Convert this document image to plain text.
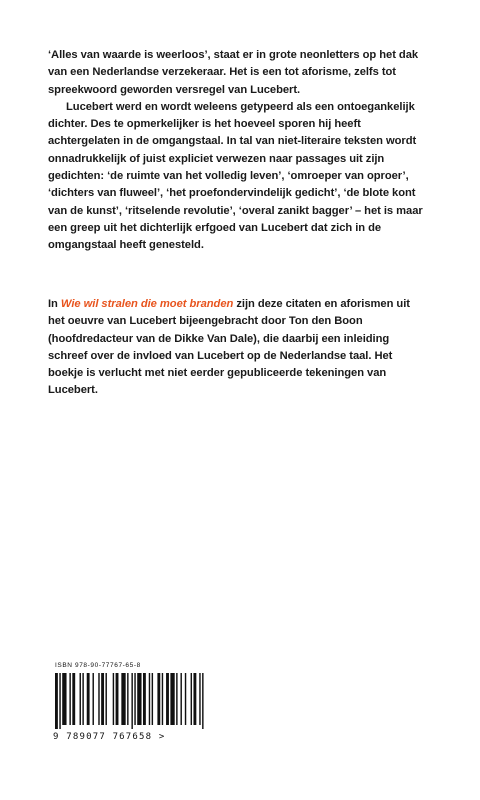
‘Alles van waarde is weerloos’, staat er in grote neonletters op het dak van een Nederlandse verzekeraar. Het is een tot aforisme, zelfs tot spreekwoord geworden versregel van Lucebert.

Lucebert werd en wordt weleens getypeerd als een ontoegankelijk dichter. Des te opmerkelijker is het hoeveel sporen hij heeft achtergelaten in de omgangstaal. In tal van niet-literaire teksten wordt onnadrukkelijk of juist expliciet verwezen naar passages uit zijn gedichten: ‘de ruimte van het volledig leven’, ‘omroeper van oproer’, ‘dichters van fluweel’, ‘het proefondervindelijk gedicht’, ‘de blote kont van de kunst’, ‘ritselende revolutie’, ‘overal zanikt bagger’ – het is maar een greep uit het dichterlijk erfgoed van Lucebert dat zich in de omgangstaal heeft genesteld.

In Wie wil stralen die moet branden zijn deze citaten en aforismen uit het oeuvre van Lucebert bijeengebracht door Ton den Boon (hoofdredacteur van de Dikke Van Dale), die daarbij een inleiding schreef over de invloed van Lucebert op de Nederlandse taal. Het boekje is verlucht met niet eerder gepubliceerde tekeningen van Lucebert.

ISBN 978-90-77767-65-8
9 789077 767658 >
